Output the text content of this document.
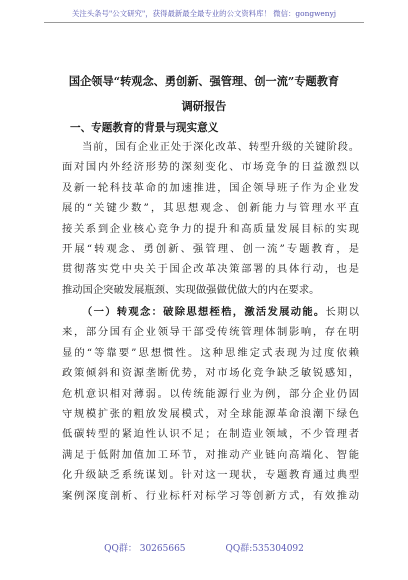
关注头条号"公文研究"，获得最新最全最专业的公文资料库！ 微信：gongwenyj
国企领导“转观念、勇创新、强管理、创一流”专题教育
调研报告
一、专题教育的背景与现实意义
当前，国有企业正处于深化改革、转型升级的关键阶段。
面对国内外经济形势的深刻变化、市场竞争的日益激烈以
及新一轮科技革命的加速推进，国企领导班子作为企业发
展的“关键少数”，其思想观念、创新能力与管理水平直
接关系到企业核心竞争力的提升和高质量发展目标的实现
开展“转观念、勇创新、强管理、创一流”专题教育，是
贯彻落实党中央关于国企改革决策部署的具体行动，也是
推动国企突破发展瓶颈、实现做强做优做大的内在要求。
（一）转观念：破除思想桎梏，激活发展动能。长期以
来，部分国有企业领导干部受传统管理体制影响，存在明
显的“等靠要”思想惯性。这种思维定式表现为过度依赖
政策倾斜和资源垄断优势，对市场化竞争缺乏敏锐感知，
危机意识相对薄弱。以传统能源行业为例，部分企业仍固
守规模扩张的粗放发展模式，对全球能源革命浪潮下绿色
低碳转型的紧迫性认识不足；在制造业领域，不少管理者
满足于低附加值加工环节，对推动产业链向高端化、智能
化升级缺乏系统谋划。针对这一现状，专题教育通过典型
案例深度剖析、行业标杆对标学习等创新方式，有效推动
QQ群： 30265665	QQ群:535304092
